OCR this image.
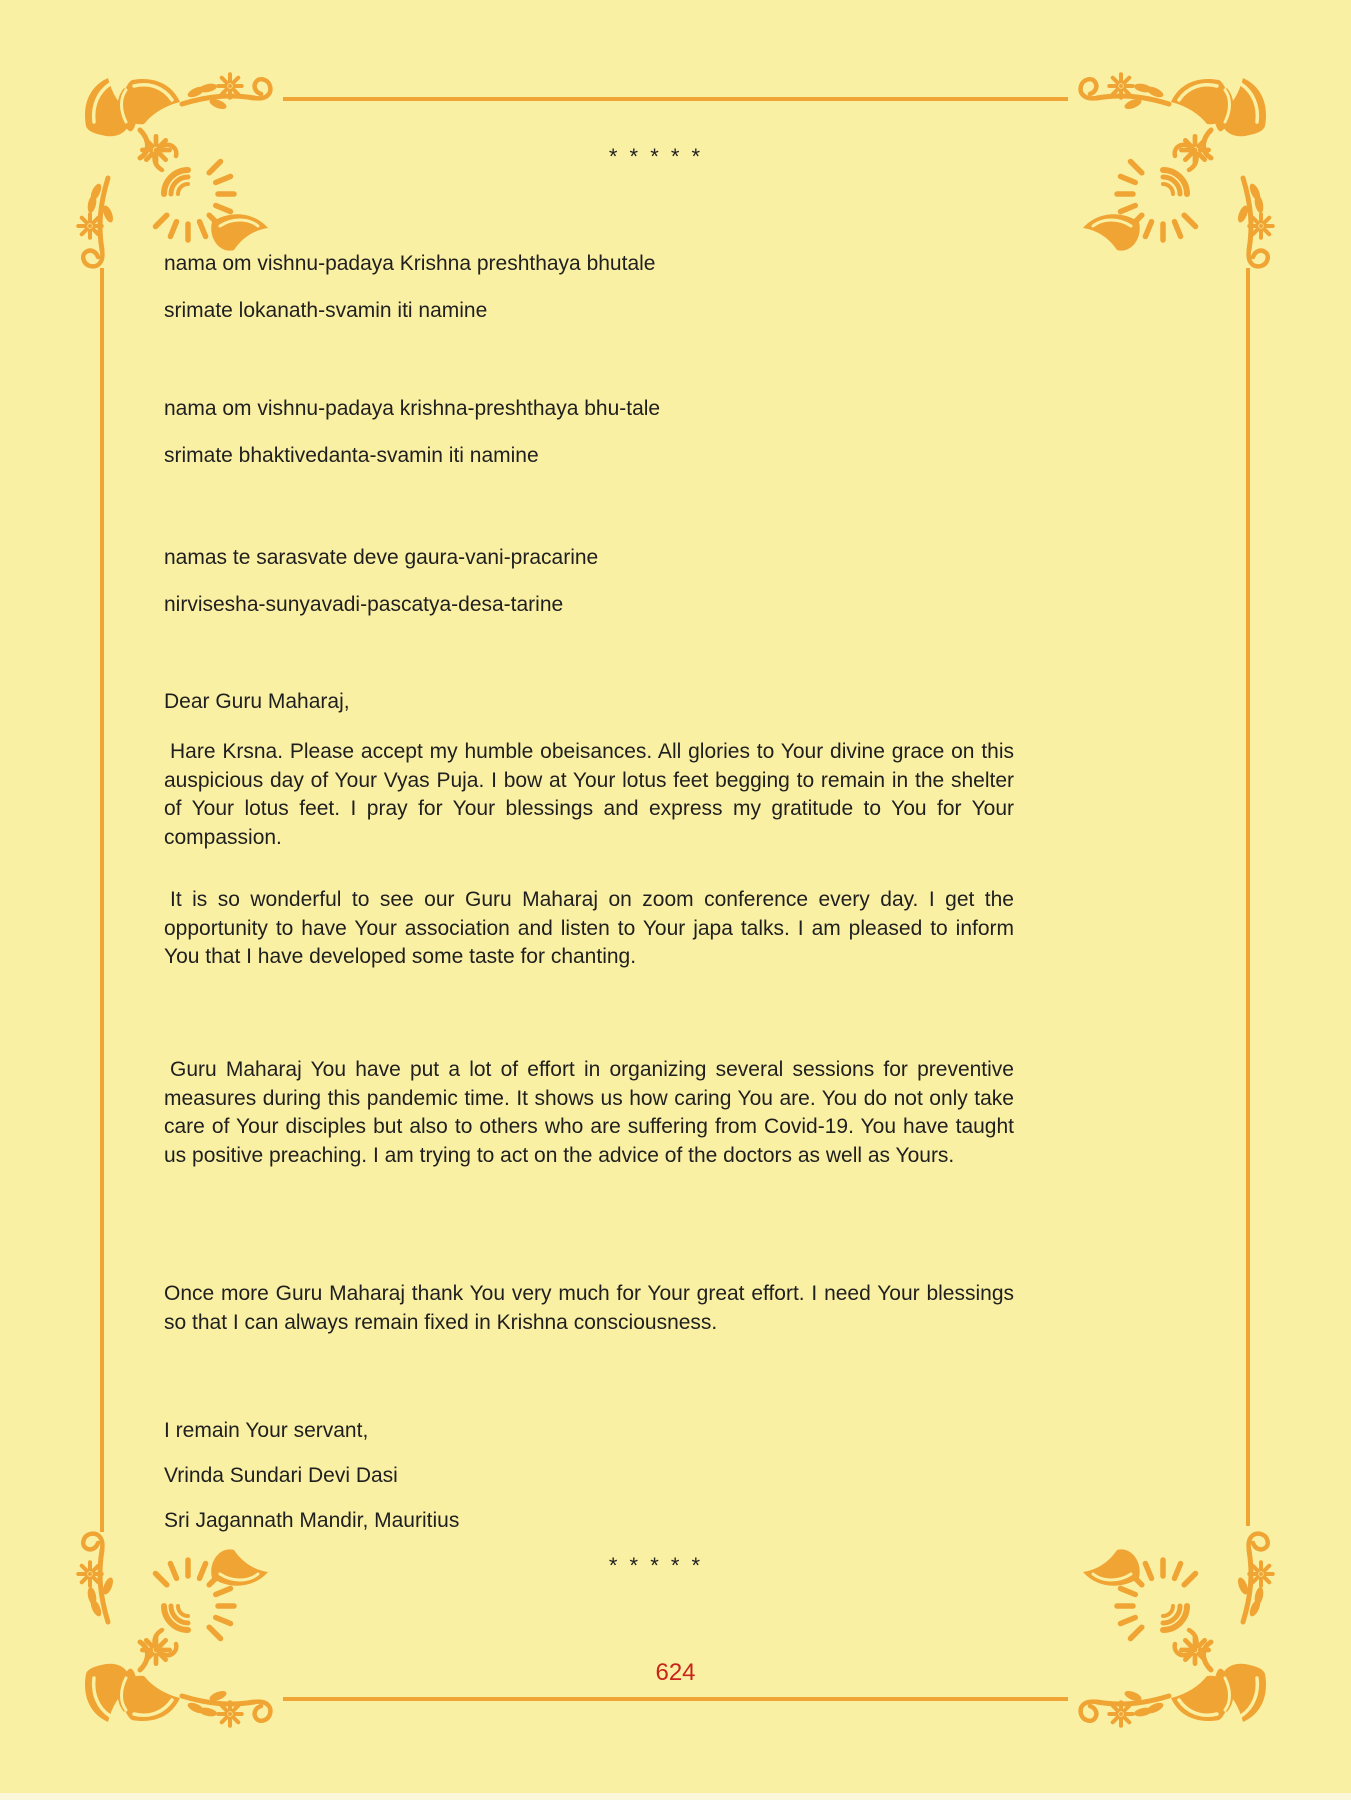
* * * * *
nama om vishnu-padaya Krishna preshthaya bhutale
srimate lokanath-svamin iti namine
nama om vishnu-padaya krishna-preshthaya bhu-tale
srimate bhaktivedanta-svamin iti namine
namas te sarasvate deve gaura-vani-pracarine
nirvisesha-sunyavadi-pascatya-desa-tarine
Dear Guru Maharaj,
Hare Krsna. Please accept my humble obeisances. All glories to Your divine grace on this auspicious day of Your Vyas Puja. I bow at Your lotus feet begging to remain in the shelter of Your lotus feet. I pray for Your blessings and express my gratitude to You for Your compassion.
It is so wonderful to see our Guru Maharaj on zoom conference every day. I get the opportunity to have Your association and listen to Your japa talks. I am pleased to inform You that I have developed some taste for chanting.
Guru Maharaj You have put a lot of effort in organizing several sessions for preventive measures during this pandemic time. It shows us how caring You are. You do not only take care of Your disciples but also to others who are suffering from Covid-19. You have taught us positive preaching. I am trying to act on the advice of the doctors as well as Yours.
Once more Guru Maharaj thank You very much for Your great effort. I need Your blessings so that I can always remain fixed in Krishna consciousness.
I remain Your servant,
Vrinda Sundari Devi Dasi
Sri Jagannath Mandir, Mauritius
* * * * *
624
